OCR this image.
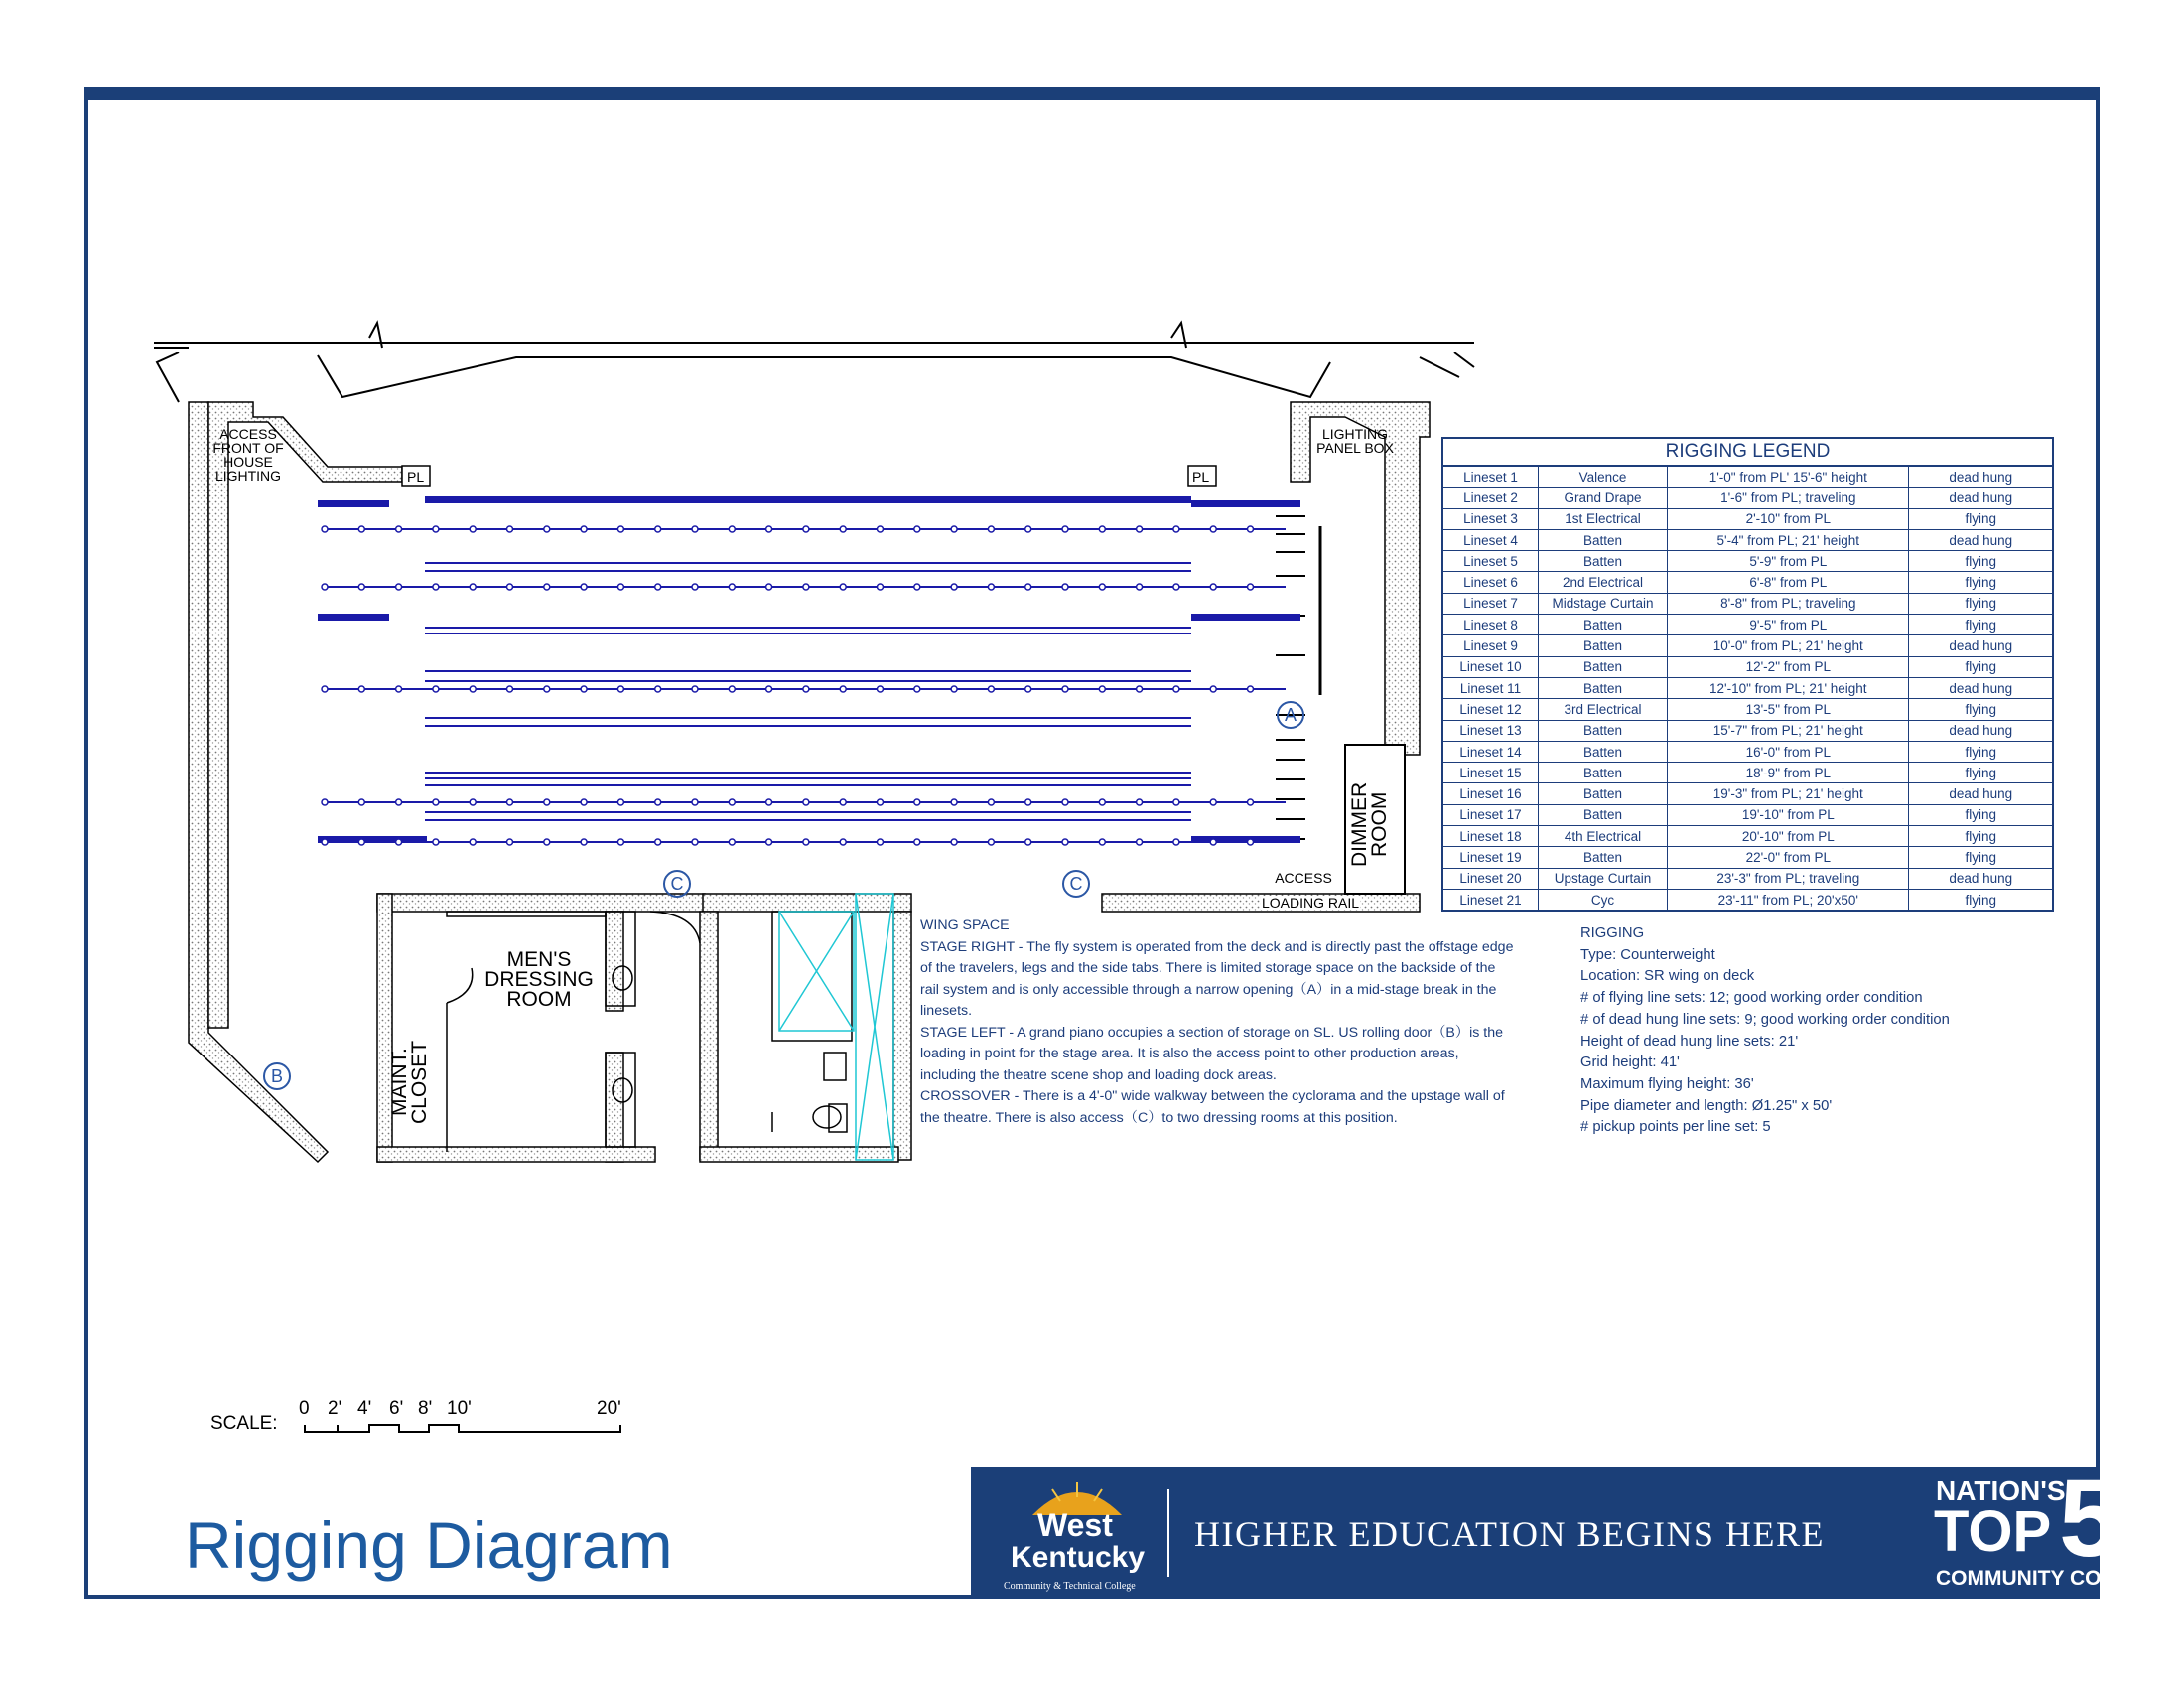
PL	PL
ACCESS FRONT OF HOUSE LIGHTING
LIGHTING PANEL BOX
DIMMER ROOM
ACCESS
LOADING RAIL
MEN'S DRESSING ROOM
MAINT. CLOSET
A
B
C	C
SCALE:
0 2' 4' 6' 8' 10'	20'
RIGGING LEGEND			
Lineset 1	Valence	1'-0" from PL' 15'-6" height	dead hung
Lineset 2	Grand Drape	1'-6" from PL; traveling	dead hung
Lineset 3	1st Electrical	2'-10" from PL	flying
Lineset 4	Batten	5'-4" from PL; 21' height	dead hung
Lineset 5	Batten	5'-9" from PL	flying
Lineset 6	2nd Electrical	6'-8" from PL	flying
Lineset 7	Midstage Curtain	8'-8" from PL; traveling	flying
Lineset 8	Batten	9'-5" from PL	flying
Lineset 9	Batten	10'-0" from PL; 21' height	dead hung
Lineset 10	Batten	12'-2" from PL	flying
Lineset 11	Batten	12'-10" from PL; 21' height	dead hung
Lineset 12	3rd Electrical	13'-5" from PL	flying
Lineset 13	Batten	15'-7" from PL; 21' height	dead hung
Lineset 14	Batten	16'-0" from PL	flying
Lineset 15	Batten	18'-9" from PL	flying
Lineset 16	Batten	19'-3" from PL; 21' height	dead hung
Lineset 17	Batten	19'-10" from PL	flying
Lineset 18	4th Electrical	20'-10" from PL	flying
Lineset 19	Batten	22'-0" from PL	flying
Lineset 20	Upstage Curtain	23'-3" from PL; traveling	dead hung
Lineset 21	Cyc	23'-11" from PL; 20'x50'	flying

WING SPACE

STAGE RIGHT - The fly system is operated from the deck and is directly past the offstage edge of the travelers, legs and the side tabs. There is limited storage space on the backside of the rail system and is only accessible through a narrow opening（A）in a mid-stage break in the linesets.

STAGE LEFT - A grand piano occupies a section of storage on SL. US rolling door（B）is the loading in point for the stage area. It is also the access point to other production areas, including the theatre scene shop and loading dock areas.

CROSSOVER - There is a 4'-0" wide walkway between the cyclorama and the upstage wall of the theatre. There is also access（C）to two dressing rooms at this position.

RIGGING

Type: Counterweight

Location: SR wing on deck

# of flying line sets: 12; good working order condition

# of dead hung line sets: 9; good working order condition

Height of dead hung line sets: 21'

Grid height: 41'

Maximum flying height: 36'

Pipe diameter and length: Ø1.25" x 50'

# pickup points per line set: 5

Rigging Diagram	West
Kentucky
Community & Technical College
HIGHER EDUCATION BEGINS HERE
NATION'S
TOP 5
COMMUNITY COLLEGE
